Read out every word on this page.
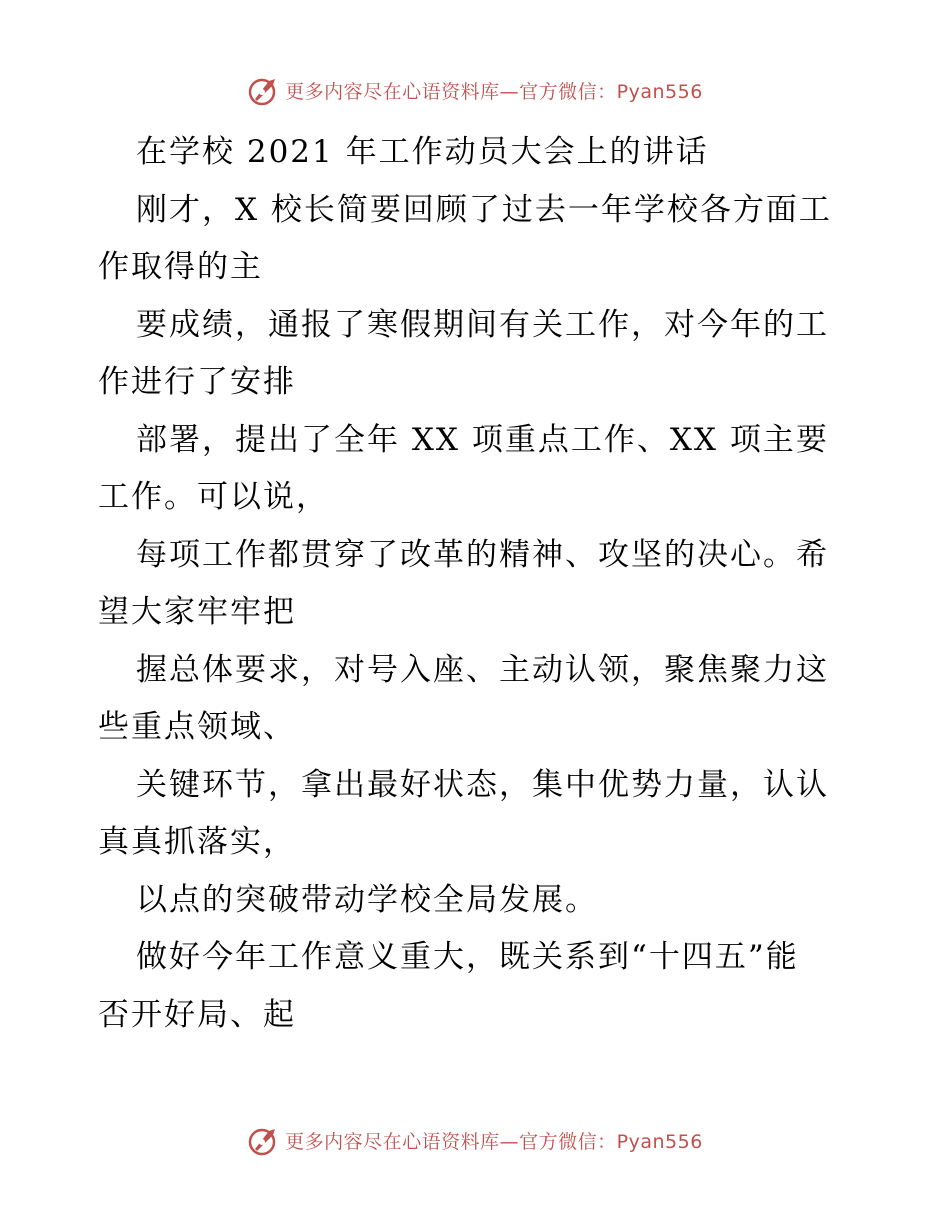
更多内容尽在心语资料库—官方微信：Pyan556
在学校 2021 年工作动员大会上的讲话
刚才，X 校长简要回顾了过去一年学校各方面工
作取得的主
要成绩，通报了寒假期间有关工作，对今年的工
作进行了安排
部署，提出了全年 XX 项重点工作、XX 项主要
工作。可以说，
每项工作都贯穿了改革的精神、攻坚的决心。希
望大家牢牢把
握总体要求，对号入座、主动认领，聚焦聚力这
些重点领域、
关键环节，拿出最好状态，集中优势力量，认认
真真抓落实，
以点的突破带动学校全局发展。
做好今年工作意义重大，既关系到“十四五”能
否开好局、起
更多内容尽在心语资料库—官方微信：Pyan556
